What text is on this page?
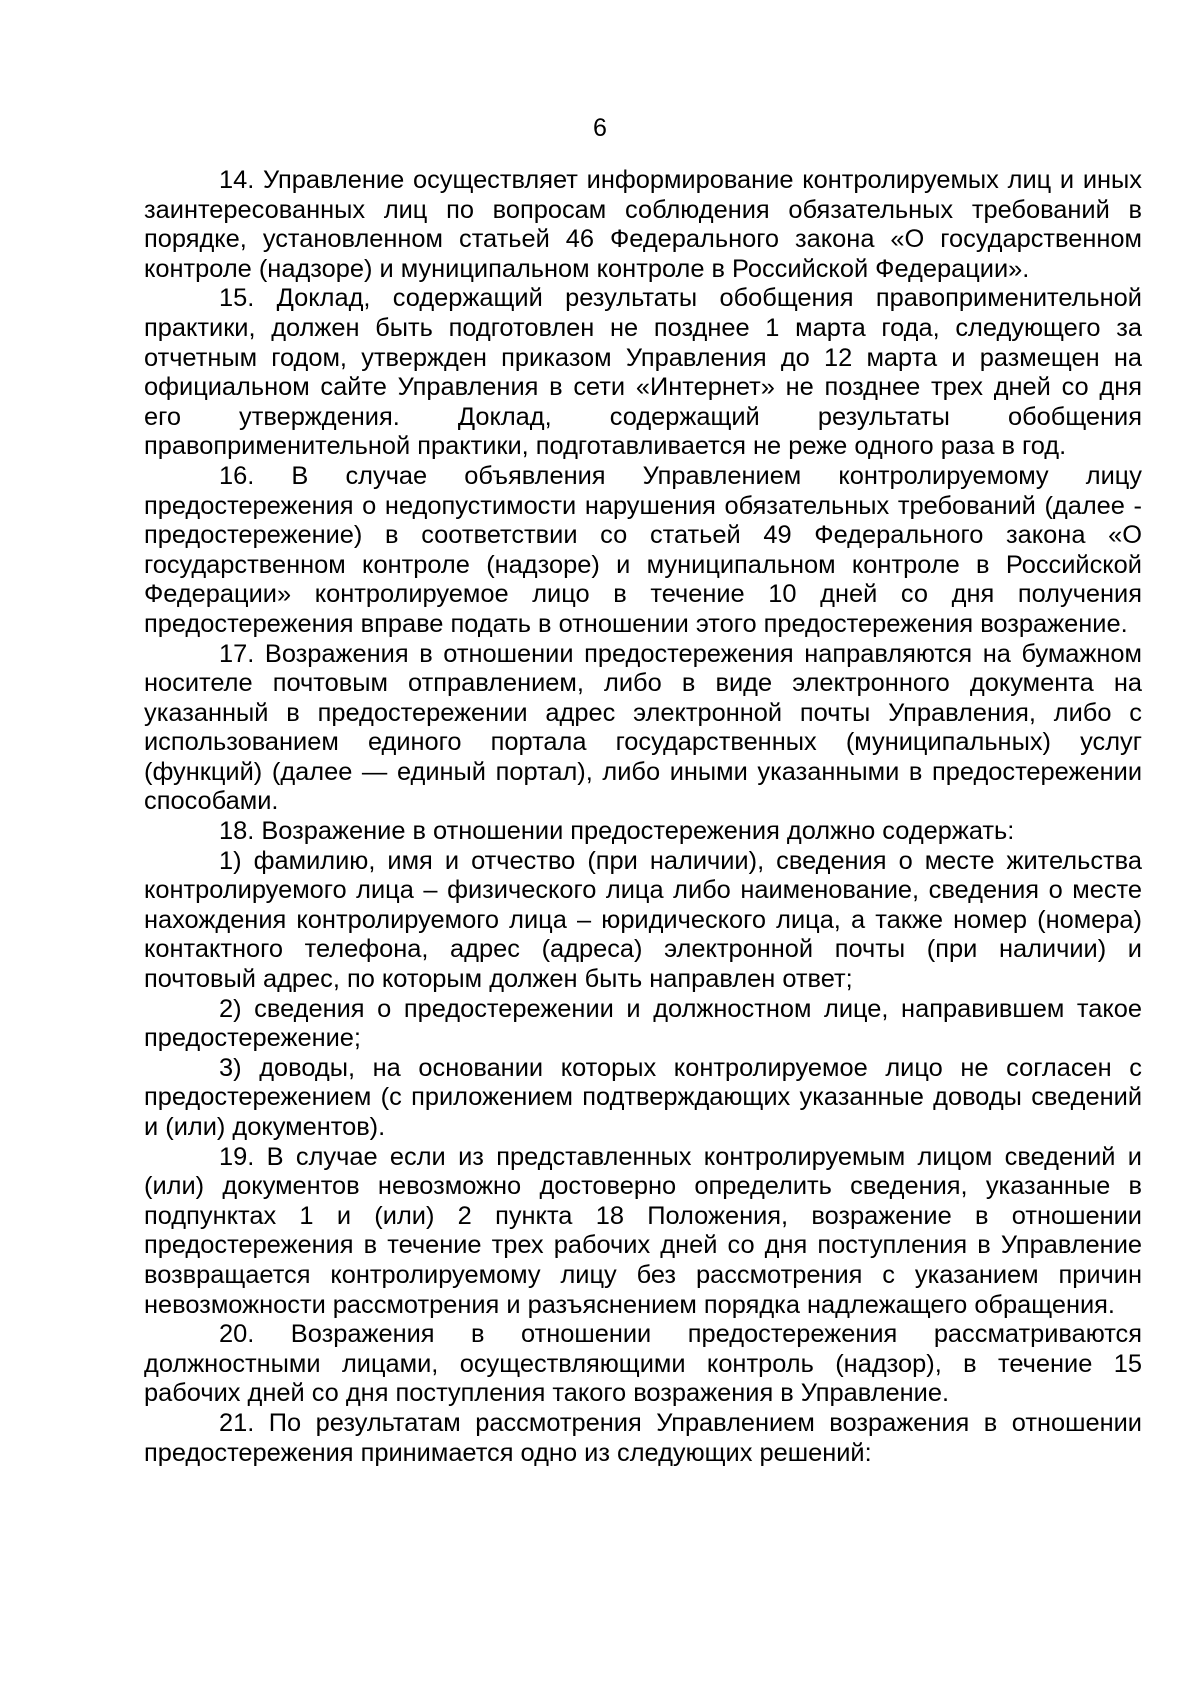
6

14. Управление осуществляет информирование контролируемых лиц и иных заинтересованных лиц по вопросам соблюдения обязательных требований в порядке, установленном статьей 46 Федерального закона «О государственном контроле (надзоре) и муниципальном контроле в Российской Федерации».

15. Доклад, содержащий результаты обобщения правоприменительной практики, должен быть подготовлен не позднее 1 марта года, следующего за отчетным годом, утвержден приказом Управления до 12 марта и размещен на официальном сайте Управления в сети «Интернет» не позднее трех дней со дня его утверждения. Доклад, содержащий результаты обобщения правоприменительной практики, подготавливается не реже одного раза в год.

16. В случае объявления Управлением контролируемому лицу предостережения о недопустимости нарушения обязательных требований (далее - предостережение) в соответствии со статьей 49 Федерального закона «О государственном контроле (надзоре) и муниципальном контроле в Российской Федерации» контролируемое лицо в течение 10 дней со дня получения предостережения вправе подать в отношении этого предостережения возражение.

17. Возражения в отношении предостережения направляются на бумажном носителе почтовым отправлением, либо в виде электронного документа на указанный в предостережении адрес электронной почты Управления, либо с использованием единого портала государственных (муниципальных) услуг (функций) (далее — единый портал), либо иными указанными в предостережении способами.

18. Возражение в отношении предостережения должно содержать:

1) фамилию, имя и отчество (при наличии), сведения о месте жительства контролируемого лица – физического лица либо наименование, сведения о месте нахождения контролируемого лица – юридического лица, а также номер (номера) контактного телефона, адрес (адреса) электронной почты (при наличии) и почтовый адрес, по которым должен быть направлен ответ;

2) сведения о предостережении и должностном лице, направившем такое предостережение;

3) доводы, на основании которых контролируемое лицо не согласен с предостережением (с приложением подтверждающих указанные доводы сведений и (или) документов).

19. В случае если из представленных контролируемым лицом сведений и (или) документов невозможно достоверно определить сведения, указанные в подпунктах 1 и (или) 2 пункта 18 Положения, возражение в отношении предостережения в течение трех рабочих дней со дня поступления в Управление возвращается контролируемому лицу без рассмотрения с указанием причин невозможности рассмотрения и разъяснением порядка надлежащего обращения.

20. Возражения в отношении предостережения рассматриваются должностными лицами, осуществляющими контроль (надзор), в течение 15 рабочих дней со дня поступления такого возражения в Управление.

21. По результатам рассмотрения Управлением возражения в отношении предостережения принимается одно из следующих решений:
